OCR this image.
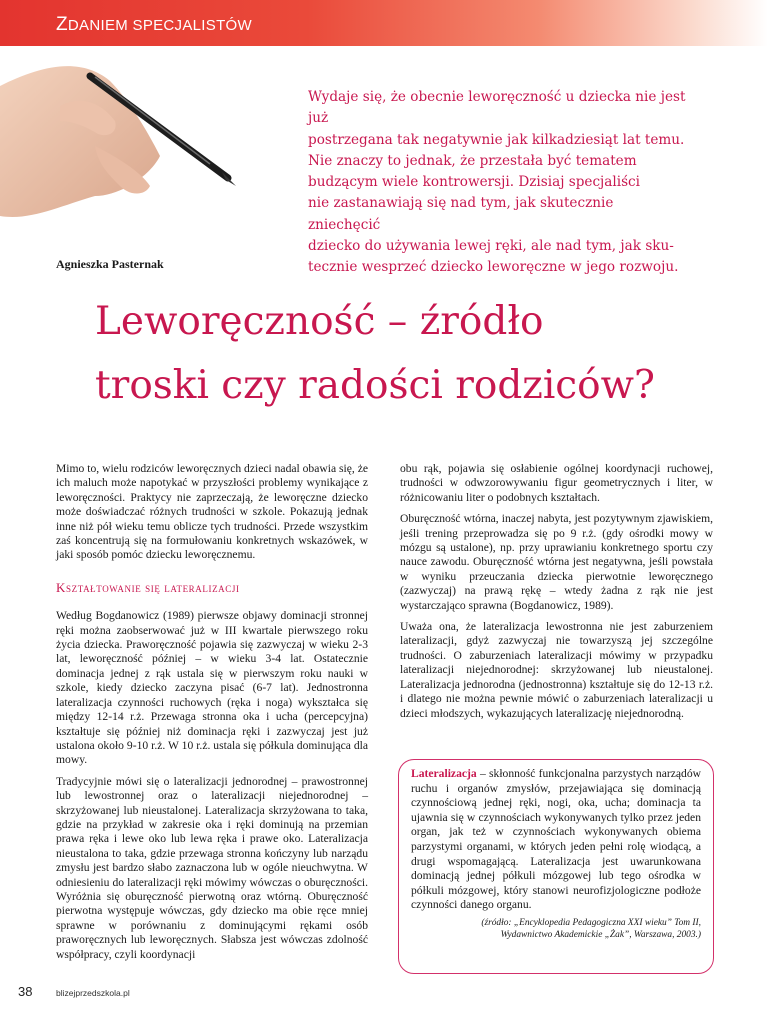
ZDANIEM SPECJALISTÓW

Wydaje się, że obecnie leworęczność u dziecka nie jest już

postrzegana tak negatywnie jak kilkadziesiąt lat temu.

Nie znaczy to jednak, że przestała być tematem

budzącym wiele kontrowersji. Dzisiaj specjaliści

nie zastanawiają się nad tym, jak skutecznie zniechęcić

dziecko do używania lewej ręki, ale nad tym, jak sku-

tecznie wesprzeć dziecko leworęczne w jego rozwoju.

Agnieszka Pasternak
Leworęczność – źródło
troski czy radości rodziców?

Mimo to, wielu rodziców leworęcznych dzieci nadal obawia się, że ich maluch może napotykać w przyszłości problemy wynikające z leworęczności. Praktycy nie zaprzeczają, że leworęczne dziecko może doświadczać różnych trudności w szkole. Pokazują jednak inne niż pół wieku temu oblicze tych trudności. Przede wszystkim zaś koncentrują się na formułowaniu konkretnych wskazówek, w jaki sposób pomóc dziecku leworęcznemu.

Kształtowanie się lateralizacji

Według Bogdanowicz (1989) pierwsze objawy dominacji stronnej ręki można zaobserwować już w III kwartale pierwszego roku życia dziecka. Praworęczność pojawia się zazwyczaj w wieku 2-3 lat, leworęczność później – w wieku 3-4 lat. Ostatecznie dominacja jednej z rąk ustala się w pierwszym roku nauki w szkole, kiedy dziecko zaczyna pisać (6-7 lat). Jednostronna lateralizacja czynności ruchowych (ręka i noga) wykształca się między 12-14 r.ż. Przewaga stronna oka i ucha (percepcyjna) kształtuje się później niż dominacja ręki i zazwyczaj jest już ustalona około 9-10 r.ż. W 10 r.ż. ustala się półkula dominująca dla mowy.

Tradycyjnie mówi się o lateralizacji jednorodnej – prawostronnej lub lewostronnej oraz o lateralizacji niejednorodnej – skrzyżowanej lub nieustalonej. Lateralizacja skrzyżowana to taka, gdzie na przykład w zakresie oka i ręki dominują na przemian prawa ręka i lewe oko lub lewa ręka i prawe oko. Lateralizacja nieustalona to taka, gdzie przewaga stronna kończyny lub narządu zmysłu jest bardzo słabo zaznaczona lub w ogóle nieuchwytna. W odniesieniu do lateralizacji ręki mówimy wówczas o oburęczności. Wyróżnia się oburęczność pierwotną oraz wtórną. Oburęczność pierwotna występuje wówczas, gdy dziecko ma obie ręce mniej sprawne w porównaniu z dominującymi rękami osób praworęcznych lub leworęcznych. Słabsza jest wówczas zdolność współpracy, czyli koordynacji

obu rąk, pojawia się osłabienie ogólnej koordynacji ruchowej, trudności w odwzorowywaniu figur geometrycznych i liter, w różnicowaniu liter o podobnych kształtach.

Oburęczność wtórna, inaczej nabyta, jest pozytywnym zjawiskiem, jeśli trening przeprowadza się po 9 r.ż. (gdy ośrodki mowy w mózgu są ustalone), np. przy uprawianiu konkretnego sportu czy nauce zawodu. Oburęczność wtórna jest negatywna, jeśli powstała w wyniku przeuczania dziecka pierwotnie leworęcznego (zazwyczaj) na prawą rękę – wtedy żadna z rąk nie jest wystarczająco sprawna (Bogdanowicz, 1989).

Uważa ona, że lateralizacja lewostronna nie jest zaburzeniem lateralizacji, gdyż zazwyczaj nie towarzyszą jej szczególne trudności. O zaburzeniach lateralizacji mówimy w przypadku lateralizacji niejednorodnej: skrzyżowanej lub nieustalonej. Lateralizacja jednorodna (jednostronna) kształtuje się do 12-13 r.ż. i dlatego nie można pewnie mówić o zaburzeniach lateralizacji u dzieci młodszych, wykazujących lateralizację niejednorodną.

Lateralizacja – skłonność funkcjonalna parzystych narządów ruchu i organów zmysłów, przejawiająca się dominacją czynnościową jednej ręki, nogi, oka, ucha; dominacja ta ujawnia się w czynnościach wykonywanych tylko przez jeden organ, jak też w czynnościach wykonywanych obiema parzystymi organami, w których jeden pełni rolę wiodącą, a drugi wspomagającą. Lateralizacja jest uwarunkowana dominacją jednej półkuli mózgowej lub tego ośrodka w półkuli mózgowej, który stanowi neurofizjologiczne podłoże czynności danego organu.

(źródło: „Encyklopedia Pedagogiczna XXI wieku” Tom II,
Wydawnictwo Akademickie „Żak”, Warszawa, 2003.)
38	blizejprzedszkola.pl
